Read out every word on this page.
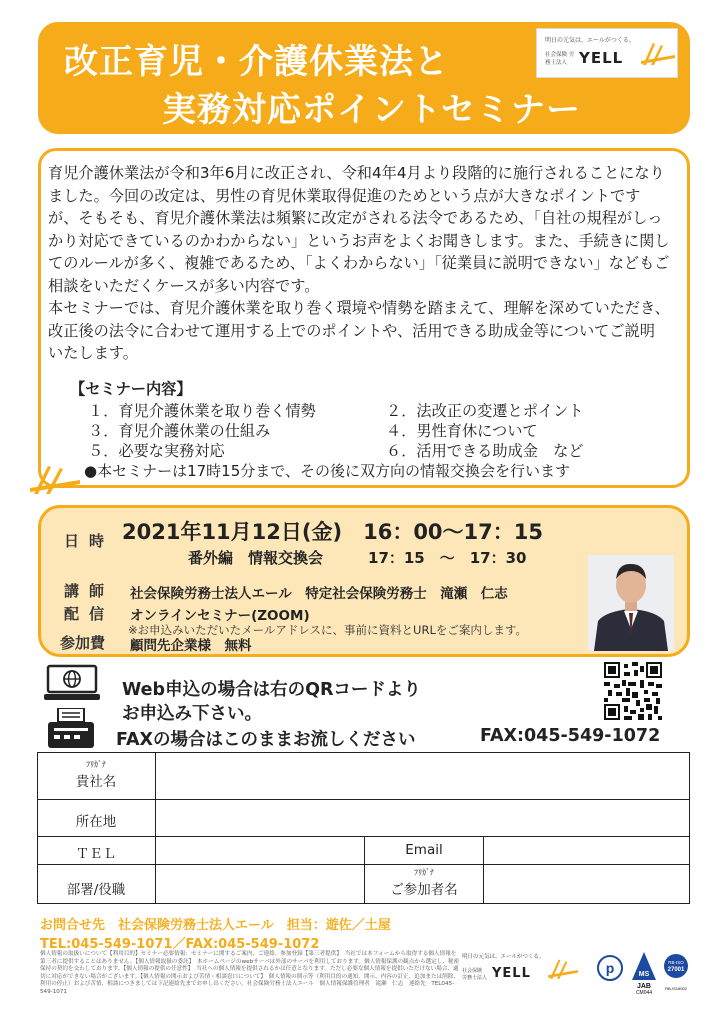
改正育児・介護休業法と
実務対応ポイントセミナー
明日の元気は、エールがつくる。
社会保険 労務士法人 YELL

育児介護休業法が令和3年6月に改正され、令和4年4月より段階的に施行されることになりました。今回の改定は、男性の育児休業取得促進のためという点が大きなポイントですが、そもそも、育児介護休業法は頻繁に改定がされる法令であるため、「自社の規程がしっかり対応できているのかわからない」というお声をよくお聞きします。また、手続きに関してのルールが多く、複雑であるため、「よくわからない」「従業員に説明できない」などもご相談をいただくケースが多い内容です。

本セミナーでは、育児介護休業を取り巻く環境や情勢を踏まえて、理解を深めていただき、改正後の法令に合わせて運用する上でのポイントや、活用できる助成金等についてご説明いたします。

【セミナー内容】
１．育児介護休業を取り巻く情勢	２．法改正の変遷とポイント
３．育児介護休業の仕組み	４．男性育休について
５．必要な実務対応	６．活用できる助成金　など
●本セミナーは17時15分まで、その後に双方向の情報交換会を行います
日時 2021年11月12日(金)　16：00～17：15
番外編　情報交換会　　　17：15　～　17：30
講師 社会保険労務士法人エール　特定社会保険労務士　滝瀬　仁志
配信 オンラインセミナー(ZOOM)
※お申込みいただいたメールアドレスに、事前に資料とURLをご案内します。
参加費 顧問先企業様　無料
Web申込の場合は右のQRコードより
お申込み下さい。
FAXの場合はこのままお流しください	FAX:045-549-1072
ﾌﾘｶﾞﾅ
貴社名
所在地
ＴＥＬ	Email
部署/役職
ﾌﾘｶﾞﾅ
ご参加者名
お問合せ先　社会保険労務士法人エール　担当：遊佐／土屋
TEL:045-549-1071／FAX:045-549-1072
個人情報の取扱いについて【利用目的】セミナー必要情報：セミナーに関するご案内、ご連絡、参加登録【第三者提供】　当社では本フォームから取得する個人情報を第三者に提供することはありません。【個人情報取扱の委託】　本ホームページのwebサーバは外部のサーバを利用しております。個人情報保護の観点から選定し、秘密保持の契約を交わしております。【個人情報の提供の任意性】　当社への個人情報を提供されるかは任意となります。ただし必要な個人情報を提供いただけない場合、適切に対応ができない場合がございます。【個人情報の開示および苦情・相談窓口について】　個人情報の開示等（利用目的の通知、開示、内容の訂正、追加または削除、利用の停止）および苦情、相談につきましては下記連絡先までお申し出ください。社会保険労務士法人エール　個人情報保護管理者　滝瀬　仁志　連絡先　TEL045-549-1071
明日の元気は、エールがつくる。
社会保険 労務士法人 YELL	p	MS
JAB
CM044
RB-ISO
27001
RB-IS16002
